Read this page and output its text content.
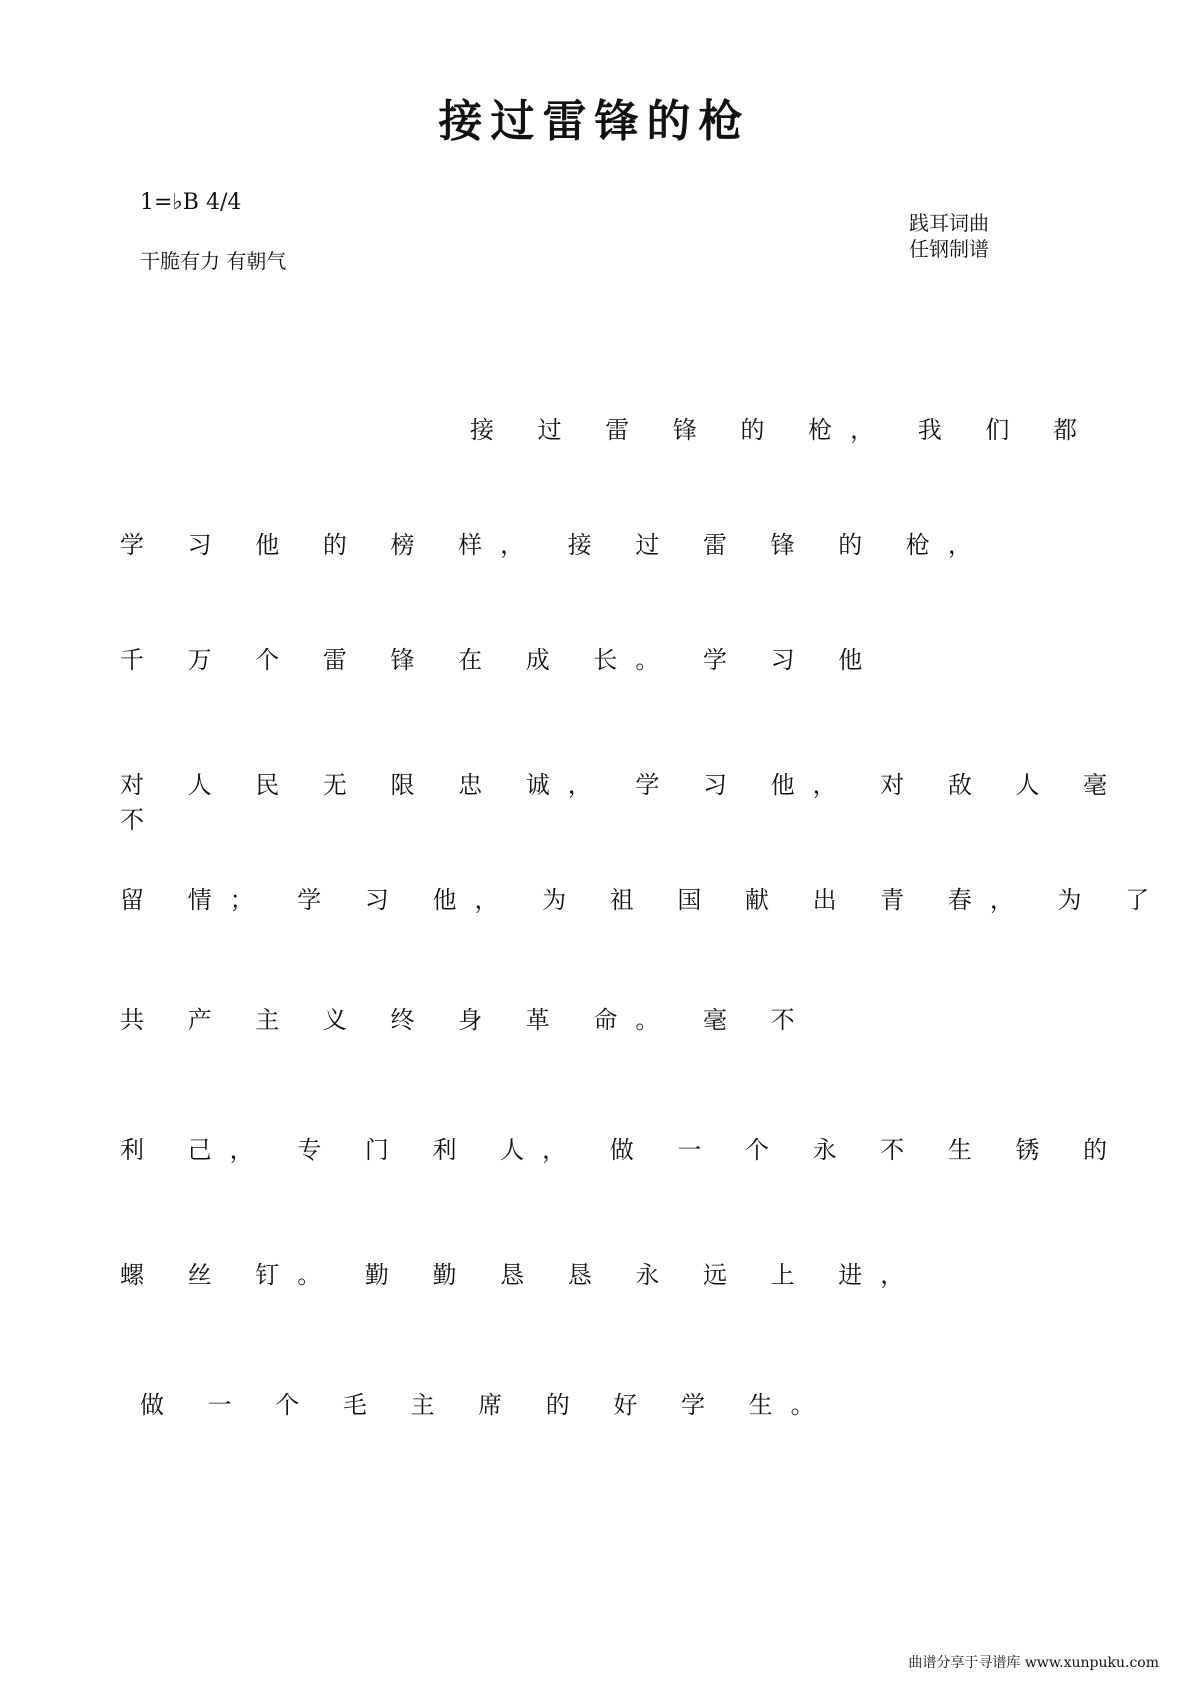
接过雷锋的枪
1=♭B 4/4
干脆有力 有朝气
践耳词曲
任钢制谱
接 过 雷 锋 的 枪， 我 们 都
学 习 他 的 榜 样， 接 过 雷 锋 的 枪，
千 万 个 雷 锋 在 成 长。 学 习 他
对 人 民 无 限 忠 诚， 学 习 他， 对 敌 人 毫 不
留 情； 学 习 他， 为 祖 国 献 出 青 春， 为 了
共 产 主 义 终 身 革 命。 毫 不
利 己， 专 门 利 人， 做 一 个 永 不 生 锈 的
螺 丝 钉。 勤 勤 恳 恳 永 远 上 进，
做 一 个 毛 主 席 的 好 学 生。
曲谱分享于寻谱库 www.xunpuku.com
